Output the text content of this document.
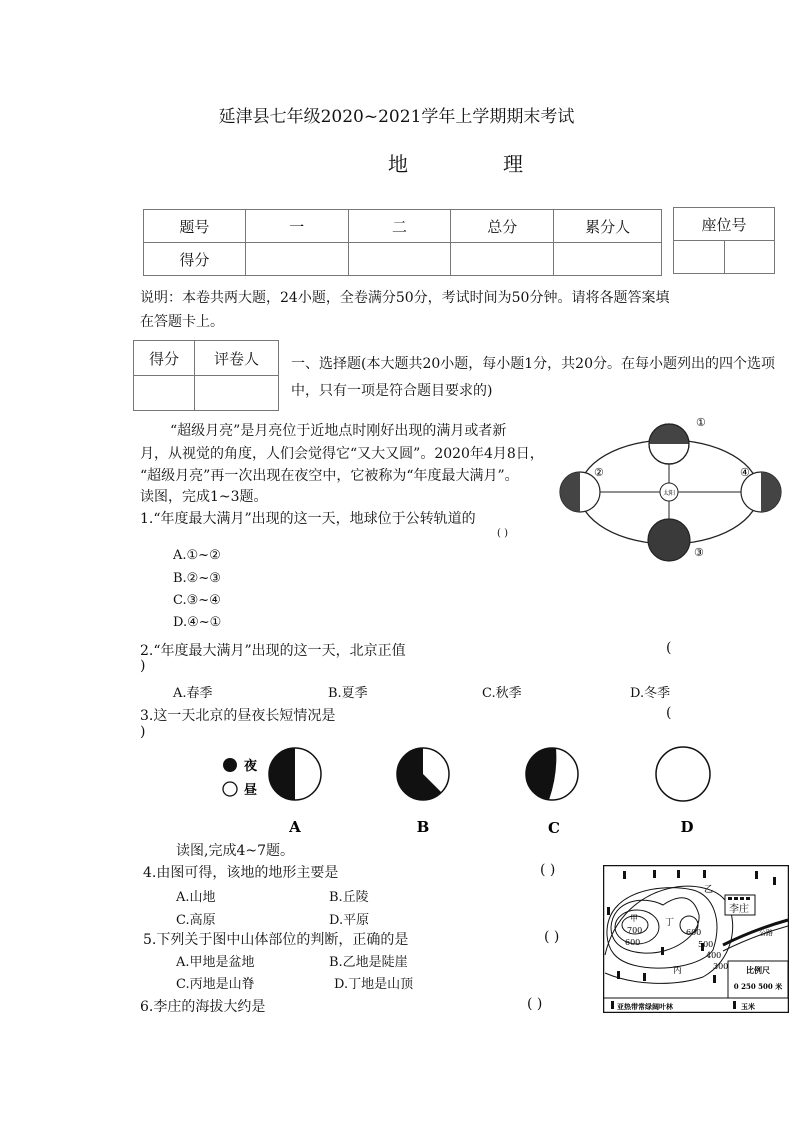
延津县七年级2020~2021学年上学期期末考试
地	理
题号	一	二	总分	累分人
得分				
座位号

说明：本卷共两大题，24小题，全卷满分50分，考试时间为50分钟。请将各题答案填
在答题卡上。
得分	评卷人
	一、选择题(本大题共20小题，每小题1分，共20分。在每小题列出的四个选项
中，只有一项是符合题目要求的)
“超级月亮”是月亮位于近地点时刚好出现的满月或者新
月，从视觉的角度，人们会觉得它“又大又圆”。2020年4月8日，
“超级月亮”再一次出现在夜空中，它被称为“年度最大满月”。
读图，完成1~3题。	太阳
①
②
③
④
1.“年度最大满月”出现的这一天，地球位于公转轨道的
( )
A.①~②
B.②~③
C.③~④
D.④~①
2.“年度最大满月”出现的这一天，北京正值	(
)
A.春季	B.夏季	C.秋季	D.冬季
3.这一天北京的昼夜长短情况是	(
)
夜
昼
A	B	C	D
读图,完成4~7题。
4.由图可得，该地的地形主要是	( )
A.山地	B.丘陵
C.高原	D.平原
5.下列关于图中山体部位的判断，正确的是	( )
A.甲地是盆地	B.乙地是陡崖
C.丙地是山脊	D.丁地是山顶
6.李庄的海拔大约是	( )
甲
乙
丙
丁
李庄
公路
700
600
600
500
400
300 比例尺
0 250 500 米
亚热带常绿阔叶林	玉米
